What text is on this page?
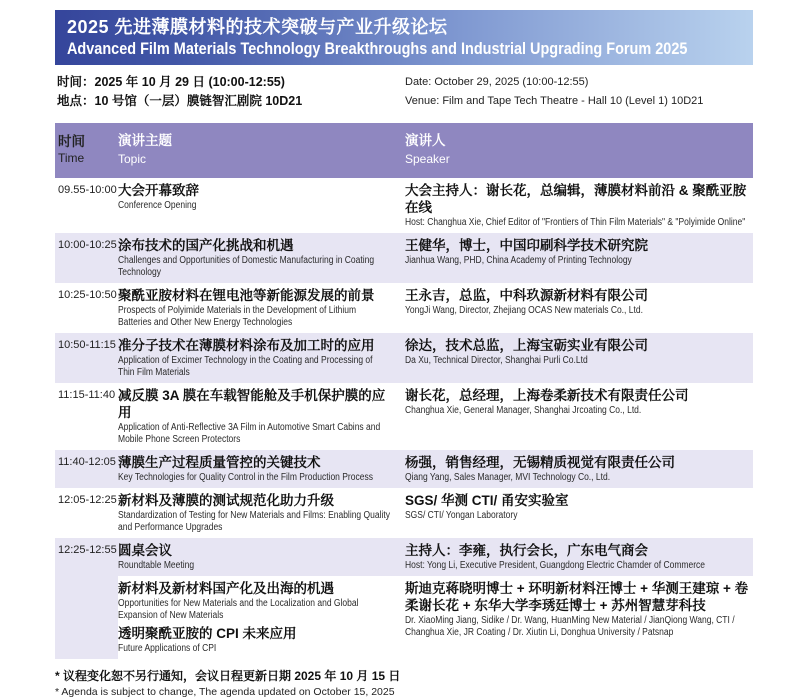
2025 先进薄膜材料的技术突破与产业升级论坛
Advanced Film Materials Technology Breakthroughs and Industrial Upgrading Forum 2025
时间：2025 年 10 月 29 日 (10:00-12:55)
地点：10 号馆（一层）膜链智汇剧院 10D21
Date: October 29, 2025 (10:00-12:55)
Venue: Film and Tape Tech Theatre - Hall 10 (Level 1) 10D21
时间
Time
演讲主题
Topic
演讲人
Speaker
09.55-10:00 大会开幕致辞
Conference Opening
大会主持人：谢长花，总编辑，薄膜材料前沿 & 聚酰亚胺在线
Host: Changhua Xie, Chief Editor of "Frontiers of Thin Film Materials" & "Polyimide Online"
10:00-10:25 涂布技术的国产化挑战和机遇
Challenges and Opportunities of Domestic Manufacturing in Coating Technology
王健华，博士，中国印刷科学技术研究院
Jianhua Wang, PHD, China Academy of Printing Technology
10:25-10:50 聚酰亚胺材料在锂电池等新能源发展的前景
Prospects of Polyimide Materials in the Development of Lithium Batteries and Other New Energy Technologies
王永吉，总监，中科玖源新材料有限公司
YongJi Wang, Director, Zhejiang OCAS New materials Co., Ltd.
10:50-11:15 准分子技术在薄膜材料涂布及加工时的应用
Application of Excimer Technology in the Coating and Processing of Thin Film Materials
徐达，技术总监，上海宝砺实业有限公司
Da Xu, Technical Director, Shanghai Purli Co.Ltd
11:15-11:40 减反膜 3A 膜在车载智能舱及手机保护膜的应用
Application of Anti-Reflective 3A Film in Automotive Smart Cabins and Mobile Phone Screen Protectors
谢长花，总经理，上海卷柔新技术有限责任公司
Changhua Xie, General Manager, Shanghai Jrcoating Co., Ltd.
11:40-12:05 薄膜生产过程质量管控的关键技术
Key Technologies for Quality Control in the Film Production Process
杨强，销售经理，无锡精质视觉有限责任公司
Qiang Yang, Sales Manager, MVI Technology Co., Ltd.
12:05-12:25 新材料及薄膜的测试规范化助力升级
Standardization of Testing for New Materials and Films: Enabling Quality and Performance Upgrades
SGS/ 华测 CTI/ 甬安实验室
SGS/ CTI/ Yongan Laboratory
12:25-12:55 圆桌会议
Roundtable Meeting
主持人：李雍，执行会长，广东电气商会
Host: Yong Li, Executive President, Guangdong Electric Chamder of Commerce
新材料及新材料国产化及出海的机遇
Opportunities for New Materials and the Localization and Global Expansion of New Materials
透明聚酰亚胺的 CPI 未来应用
Future Applications of CPI
斯迪克蒋晓明博士 + 环明新材料汪博士 + 华测王建琼 + 卷柔谢长花 + 东华大学李琇廷博士 + 苏州智慧芽科技
Dr. XiaoMing Jiang, Sidike / Dr. Wang, HuanMing New Material / JianQiong Wang, CTI / Changhua Xie, JR Coating / Dr. Xiutin Li, Donghua University / Patsnap
* 议程变化恕不另行通知，会议日程更新日期 2025 年 10 月 15 日
* Agenda is subject to change, The agenda updated on October 15, 2025
